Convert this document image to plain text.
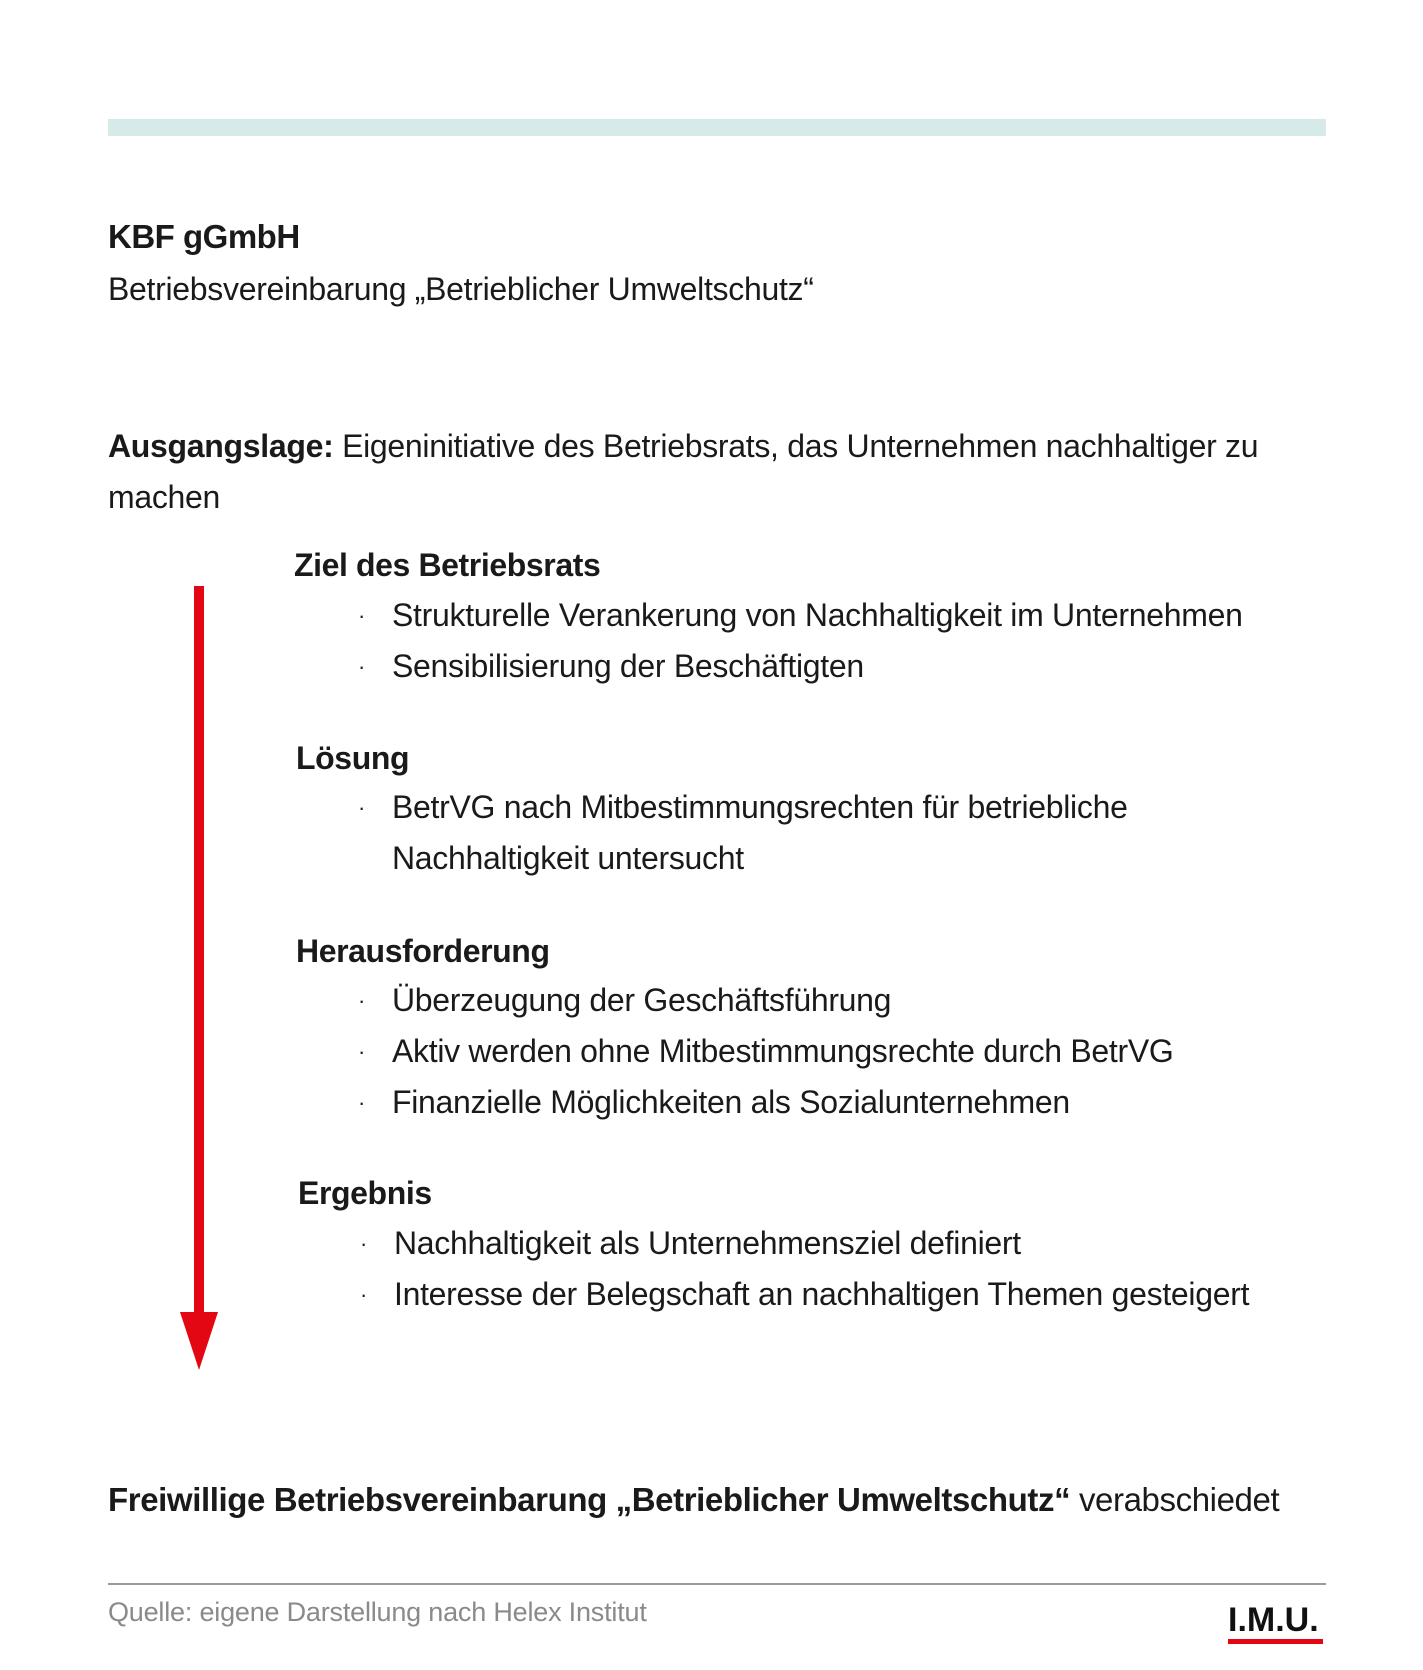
KBF gGmbH
Betriebsvereinbarung „Betrieblicher Umweltschutz“
Ausgangslage: Eigeninitiative des Betriebsrats, das Unternehmen nachhaltiger zu machen
Ziel des Betriebsrats
· Strukturelle Verankerung von Nachhaltigkeit im Unternehmen
· Sensibilisierung der Beschäftigten
Lösung
· BetrVG nach Mitbestimmungsrechten für betriebliche Nachhaltigkeit untersucht
Herausforderung
· Überzeugung der Geschäftsführung
· Aktiv werden ohne Mitbestimmungsrechte durch BetrVG
· Finanzielle Möglichkeiten als Sozialunternehmen
Ergebnis
· Nachhaltigkeit als Unternehmensziel definiert
· Interesse der Belegschaft an nachhaltigen Themen gesteigert
Freiwillige Betriebsvereinbarung „Betrieblicher Umweltschutz“ verabschiedet
Quelle: eigene Darstellung nach Helex Institut	I.M.U.
